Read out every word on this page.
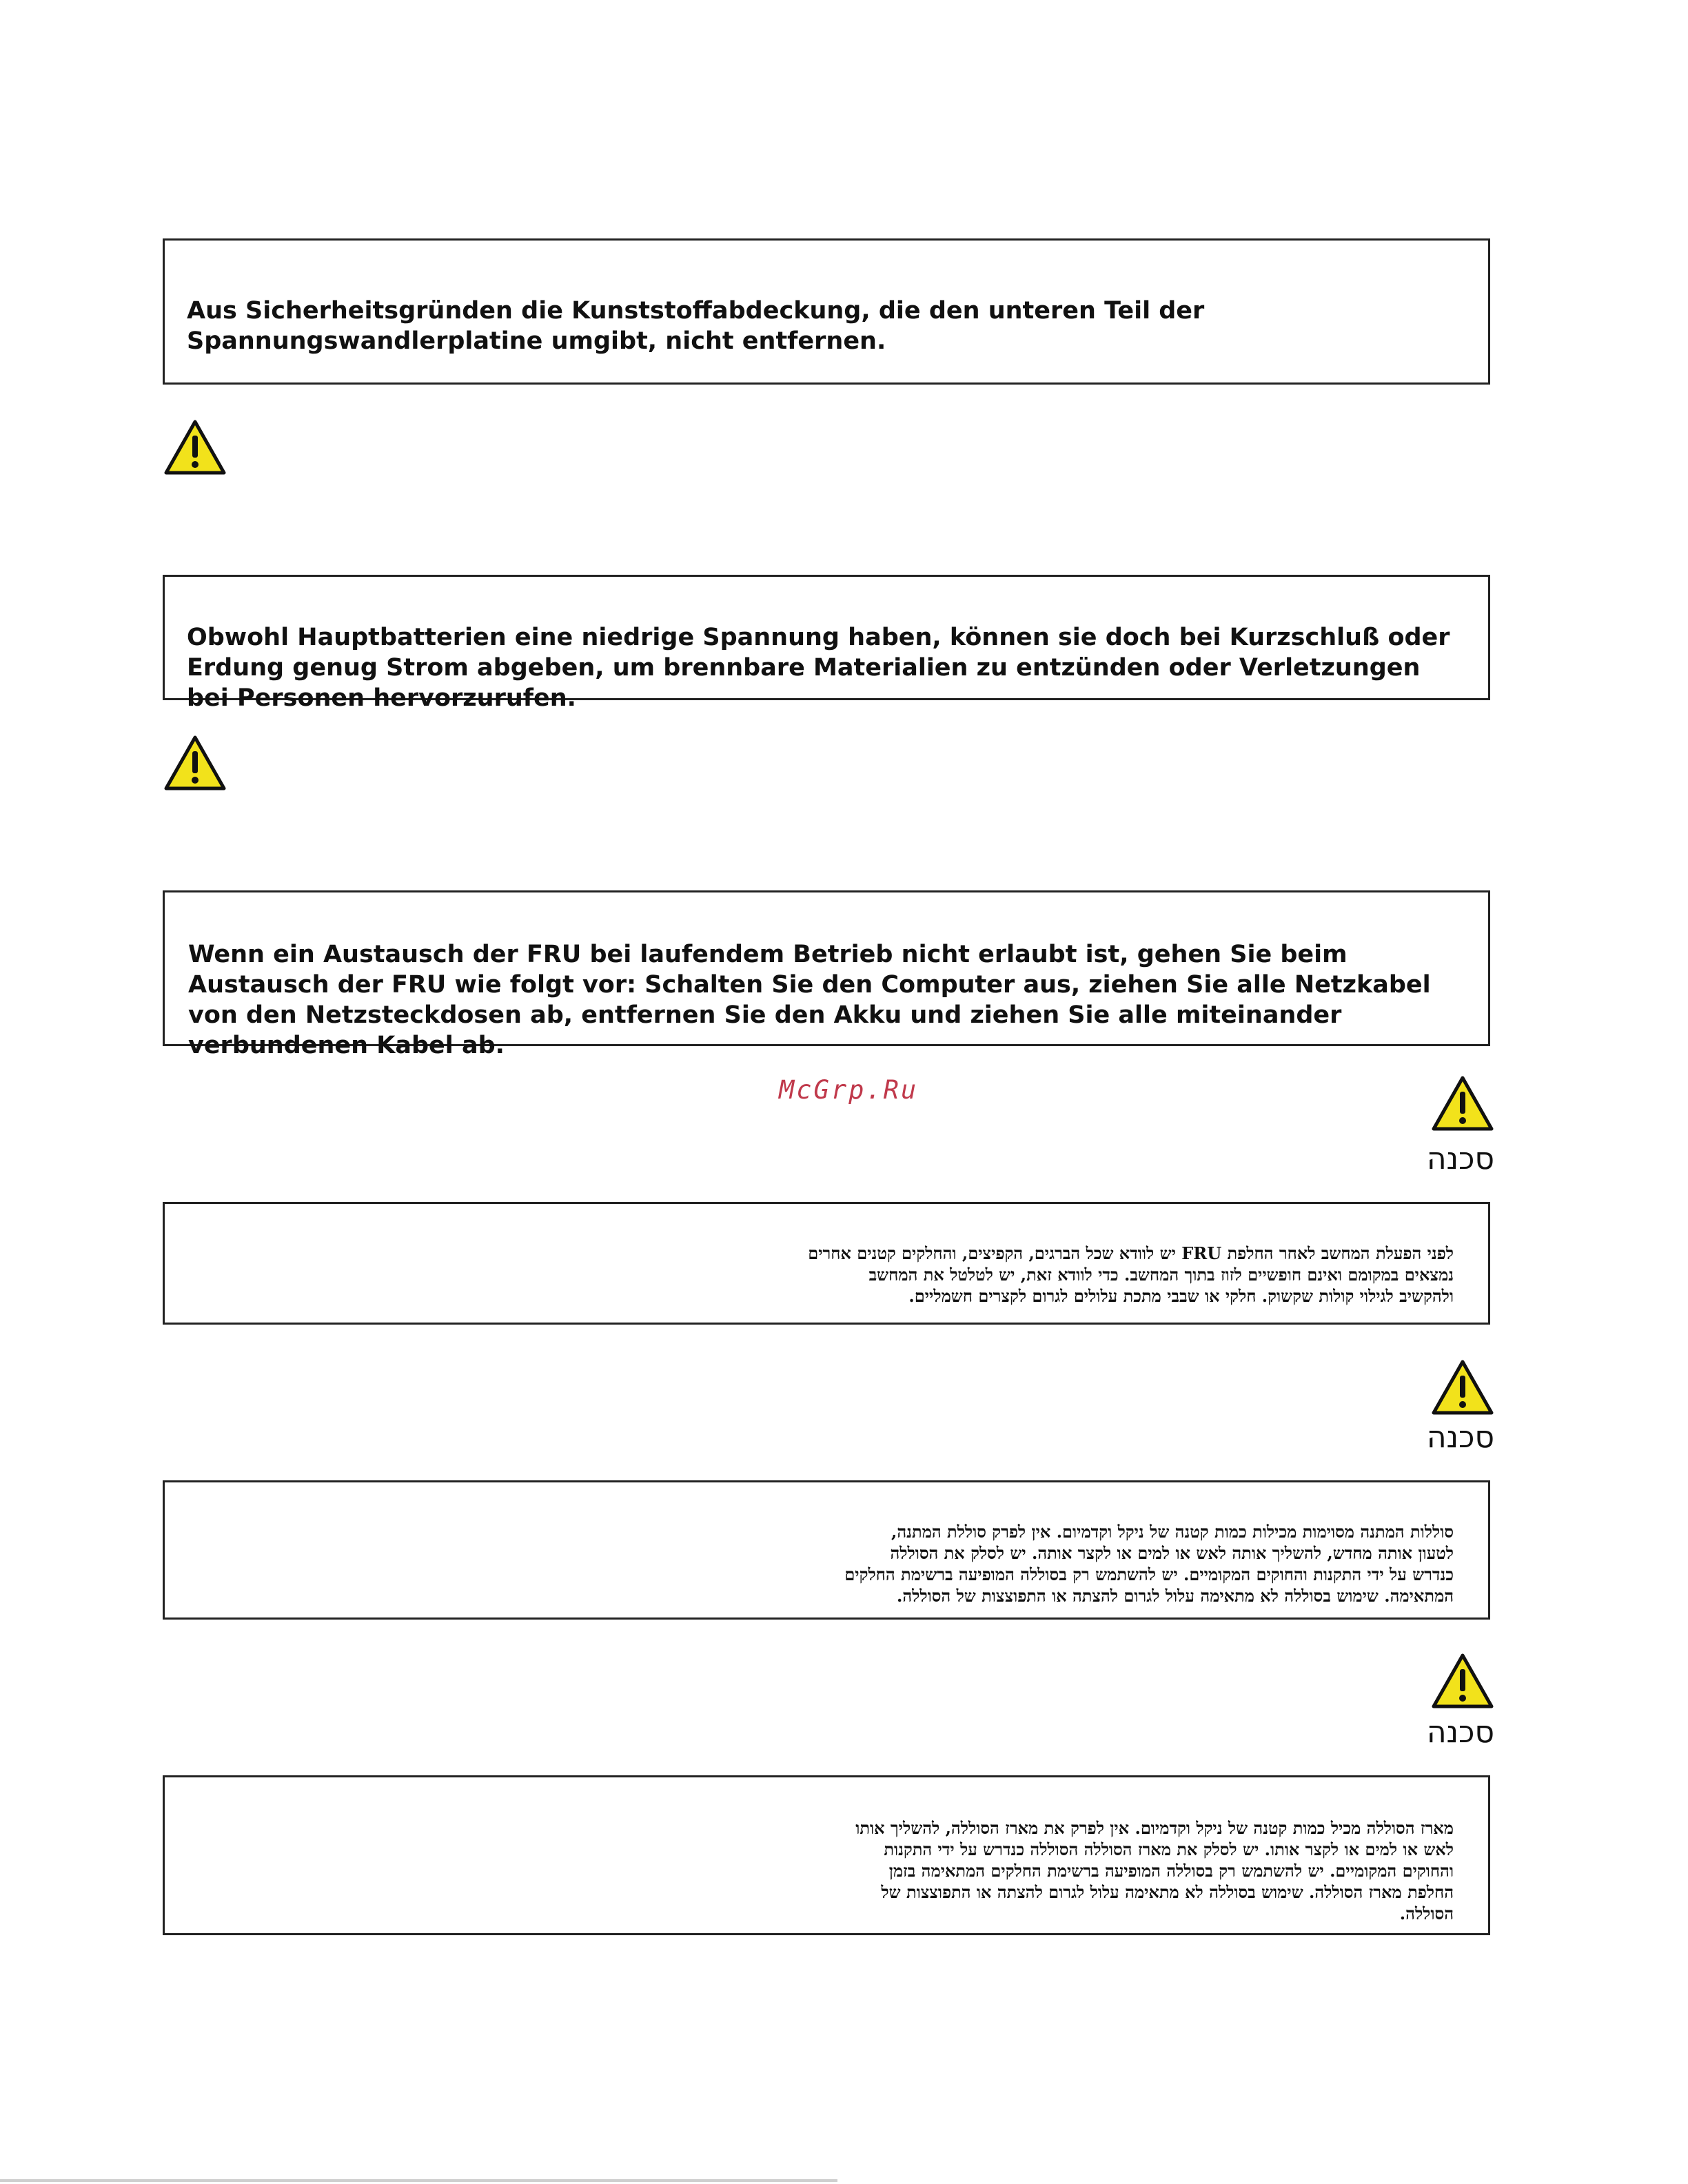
Aus Sicherheitsgründen die Kunststoffabdeckung, die den unteren Teil der Spannungswandlerplatine umgibt, nicht entfernen.
Obwohl Hauptbatterien eine niedrige Spannung haben, können sie doch bei Kurzschluß oder Erdung genug Strom abgeben, um brennbare Materialien zu entzünden oder Verletzungen bei Personen hervorzurufen.
Wenn ein Austausch der FRU bei laufendem Betrieb nicht erlaubt ist, gehen Sie beim Austausch der FRU wie folgt vor: Schalten Sie den Computer aus, ziehen Sie alle Netzkabel von den Netzsteckdosen ab, entfernen Sie den Akku und ziehen Sie alle miteinander verbundenen Kabel ab.
McGrp.Ru
סכנה
לפני הפעלת המחשב לאחר החלפת FRU יש לוודא שכל הברגים, הקפיצים, והחלקים קטנים אחרים
נמצאים במקומם ואינם חופשיים לזוז בתוך המחשב. כדי לוודא זאת, יש לטלטל את המחשב
ולהקשיב לגילוי קולות שקשוק. חלקי או שבבי מתכת עלולים לגרום לקצרים חשמליים.
סכנה
סוללות המתנה מסוימות מכילות כמות קטנה של ניקל וקדמיום. אין לפרק סוללת המתנה,
לטעון אותה מחדש, להשליך אותה לאש או למים או לקצר אותה. יש לסלק את הסוללה
כנדרש על ידי התקנות והחוקים המקומיים. יש להשתמש רק בסוללה המופיעה ברשימת החלקים
המתאימה. שימוש בסוללה לא מתאימה עלול לגרום להצתה או התפוצצות של הסוללה.
סכנה
מארז הסוללה מכיל כמות קטנה של ניקל וקדמיום. אין לפרק את מארז הסוללה, להשליך אותו
לאש או למים או לקצר אותו. יש לסלק את מארז הסוללה הסוללה כנדרש על ידי התקנות
והחוקים המקומיים. יש להשתמש רק בסוללה המופיעה ברשימת החלקים המתאימה בזמן
החלפת מארז הסוללה. שימוש בסוללה לא מתאימה עלול לגרום להצתה או התפוצצות של
הסוללה.
